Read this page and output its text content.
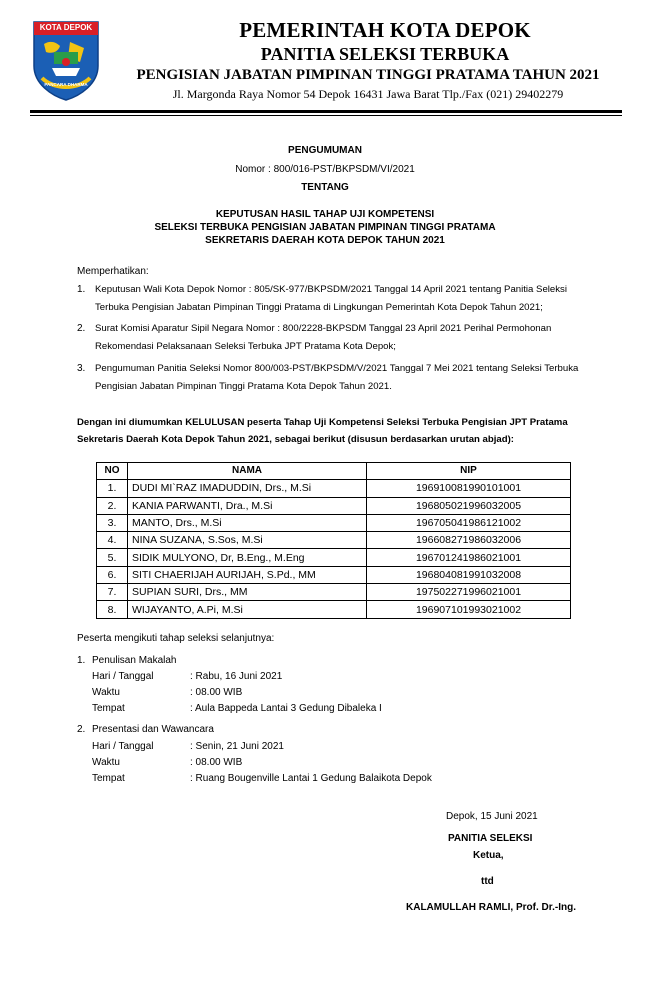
KOTA DEPOK
PANCARA DHARMA
PEMERINTAH KOTA DEPOK
PANITIA SELEKSI TERBUKA
PENGISIAN JABATAN PIMPINAN TINGGI PRATAMA TAHUN 2021
Jl. Margonda Raya Nomor 54 Depok 16431 Jawa Barat Tlp./Fax (021) 29402279
PENGUMUMAN
Nomor : 800/016-PST/BKPSDM/VI/2021
TENTANG
KEPUTUSAN HASIL TAHAP UJI KOMPETENSI
SELEKSI TERBUKA PENGISIAN JABATAN PIMPINAN TINGGI PRATAMA
SEKRETARIS DAERAH KOTA DEPOK TAHUN 2021
Memperhatikan:
1. Keputusan Wali Kota Depok Nomor : 805/SK-977/BKPSDM/2021 Tanggal 14 April 2021 tentang Panitia Seleksi
Terbuka Pengisian Jabatan Pimpinan Tinggi Pratama di Lingkungan Pemerintah Kota Depok Tahun 2021;
2. Surat Komisi Aparatur Sipil Negara Nomor : 800/2228-BKPSDM Tanggal 23 April 2021 Perihal Permohonan
Rekomendasi Pelaksanaan Seleksi Terbuka JPT Pratama Kota Depok;
3. Pengumuman Panitia Seleksi Nomor 800/003-PST/BKPSDM/V/2021 Tanggal 7 Mei 2021 tentang Seleksi Terbuka
Pengisian Jabatan Pimpinan Tinggi Pratama Kota Depok Tahun 2021.
Dengan ini diumumkan KELULUSAN peserta Tahap Uji Kompetensi Seleksi Terbuka Pengisian JPT Pratama
Sekretaris Daerah Kota Depok Tahun 2021, sebagai berikut (disusun berdasarkan urutan abjad):
NO	NAMA	NIP
1.	DUDI MI`RAZ IMADUDDIN, Drs., M.Si	196910081990101001
2.	KANIA PARWANTI, Dra., M.Si	196805021996032005
3.	MANTO, Drs., M.Si	196705041986121002
4.	NINA SUZANA, S.Sos, M.Si	196608271986032006
5.	SIDIK MULYONO, Dr, B.Eng., M.Eng	196701241986021001
6.	SITI CHAERIJAH AURIJAH, S.Pd., MM	196804081991032008
7.	SUPIAN SURI, Drs., MM	197502271996021001
8.	WIJAYANTO, A.Pi, M.Si	196907101993021002
Peserta mengikuti tahap seleksi selanjutnya:
1. Penulisan Makalah
Hari / Tanggal	: Rabu, 16 Juni 2021
Waktu	: 08.00 WIB
Tempat	: Aula Bappeda Lantai 3 Gedung Dibaleka I
2. Presentasi dan Wawancara
Hari / Tanggal	: Senin, 21 Juni 2021
Waktu	: 08.00 WIB
Tempat	: Ruang Bougenville Lantai 1 Gedung Balaikota Depok
Depok, 15 Juni 2021
PANITIA SELEKSI
Ketua,
ttd
KALAMULLAH RAMLI, Prof. Dr.-Ing.
